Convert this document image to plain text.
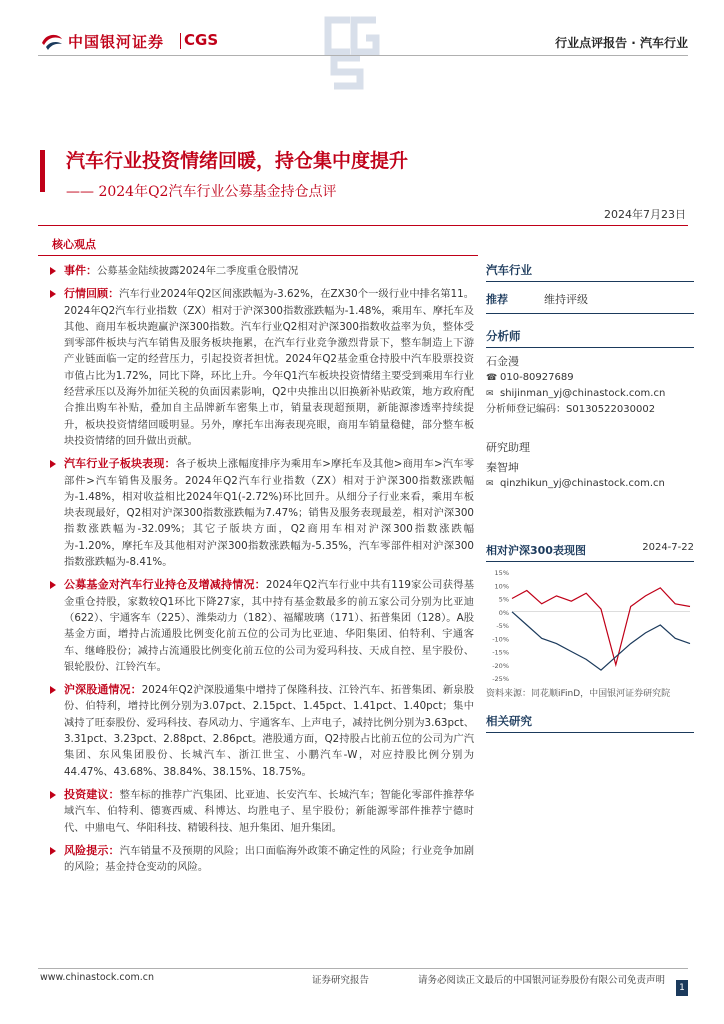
中国银河证券 CGS	行业点评报告 · 汽车行业
汽车行业投资情绪回暖，持仓集中度提升
—— 2024年Q2汽车行业公募基金持仓点评
2024年7月23日
核心观点
事件：公募基金陆续披露2024年二季度重仓股情况
行情回顾：汽车行业2024年Q2区间涨跌幅为-3.62%，在ZX30个一级行业中排名第11。2024年Q2汽车行业指数（ZX）相对于沪深300指数涨跌幅为-1.48%，乘用车、摩托车及其他、商用车板块跑赢沪深300指数。汽车行业Q2相对沪深300指数收益率为负，整体受到零部件板块与汽车销售及服务板块拖累，在汽车行业竞争激烈背景下，整车制造上下游产业链面临一定的经营压力，引起投资者担忧。2024年Q2基金重仓持股中汽车股票投资市值占比为1.72%，同比下降，环比上升。今年Q1汽车板块投资情绪主要受到乘用车行业经营承压以及海外加征关税的负面因素影响，Q2中央推出以旧换新补贴政策，地方政府配合推出购车补贴，叠加自主品牌新车密集上市，销量表现超预期，新能源渗透率持续提升，板块投资情绪回暖明显。另外，摩托车出海表现亮眼，商用车销量稳健，部分整车板块投资情绪的回升做出贡献。
汽车行业子板块表现：各子板块上涨幅度排序为乘用车>摩托车及其他>商用车>汽车零部件>汽车销售及服务。2024年Q2汽车行业指数（ZX）相对于沪深300指数涨跌幅为-1.48%，相对收益相比2024年Q1(-2.72%)环比回升。从细分子行业来看，乘用车板块表现最好，Q2相对沪深300指数涨跌幅为7.47%；销售及服务表现最差，相对沪深300指数涨跌幅为-32.09%；其它子版块方面，Q2商用车相对沪深300指数涨跌幅为-1.20%，摩托车及其他相对沪深300指数涨跌幅为-5.35%，汽车零部件相对沪深300指数涨跌幅为-8.41%。
公募基金对汽车行业持仓及增减持情况：2024年Q2汽车行业中共有119家公司获得基金重仓持股，家数较Q1环比下降27家，其中持有基金数最多的前五家公司分别为比亚迪（622）、宇通客车（225）、潍柴动力（182）、福耀玻璃（171）、拓普集团（128）。A股基金方面，增持占流通股比例变化前五位的公司为比亚迪、华阳集团、伯特利、宇通客车、继峰股份；减持占流通股比例变化前五位的公司为爱玛科技、天成自控、星宇股份、银轮股份、江铃汽车。
沪深股通情况：2024年Q2沪深股通集中增持了保隆科技、江铃汽车、拓普集团、新泉股份、伯特利，增持比例分别为3.07pct、2.15pct、1.45pct、1.41pct、1.40pct；集中减持了旺泰股份、爱玛科技、春风动力、宇通客车、上声电子，减持比例分别为3.63pct、3.31pct、3.23pct、2.88pct、2.86pct。港股通方面，Q2持股占比前五位的公司为广汽集团、东风集团股份、长城汽车、浙江世宝、小鹏汽车-W，对应持股比例分别为44.47%、43.68%、38.84%、38.15%、18.75%。
投资建议：整车标的推荐广汽集团、比亚迪、长安汽车、长城汽车；智能化零部件推荐华域汽车、伯特利、德赛西威、科博达、均胜电子、星宇股份；新能源零部件推荐宁德时代、中鼎电气、华阳科技、精锻科技、旭升集团、旭升集团。
风险提示：汽车销量不及预期的风险；出口面临海外政策不确定性的风险；行业竞争加剧的风险；基金持仓变动的风险。
汽车行业
推荐	维持评级
分析师
石金漫
☎ 010-80927689
✉ shijinman_yj@chinastock.com.cn
分析师登记编码：S0130522030002
研究助理
秦智坤
✉ qinzhikun_yj@chinastock.com.cn
相对沪深300表现图	2024-7-22
15%
10%
5%
0%
-5%
-10%
-15%
-20%
-25%
资料来源：同花顺iFinD，中国银河证券研究院
相关研究
www.chinastock.com.cn	证券研究报告	请务必阅读正文最后的中国银河证券股份有限公司免责声明
1
